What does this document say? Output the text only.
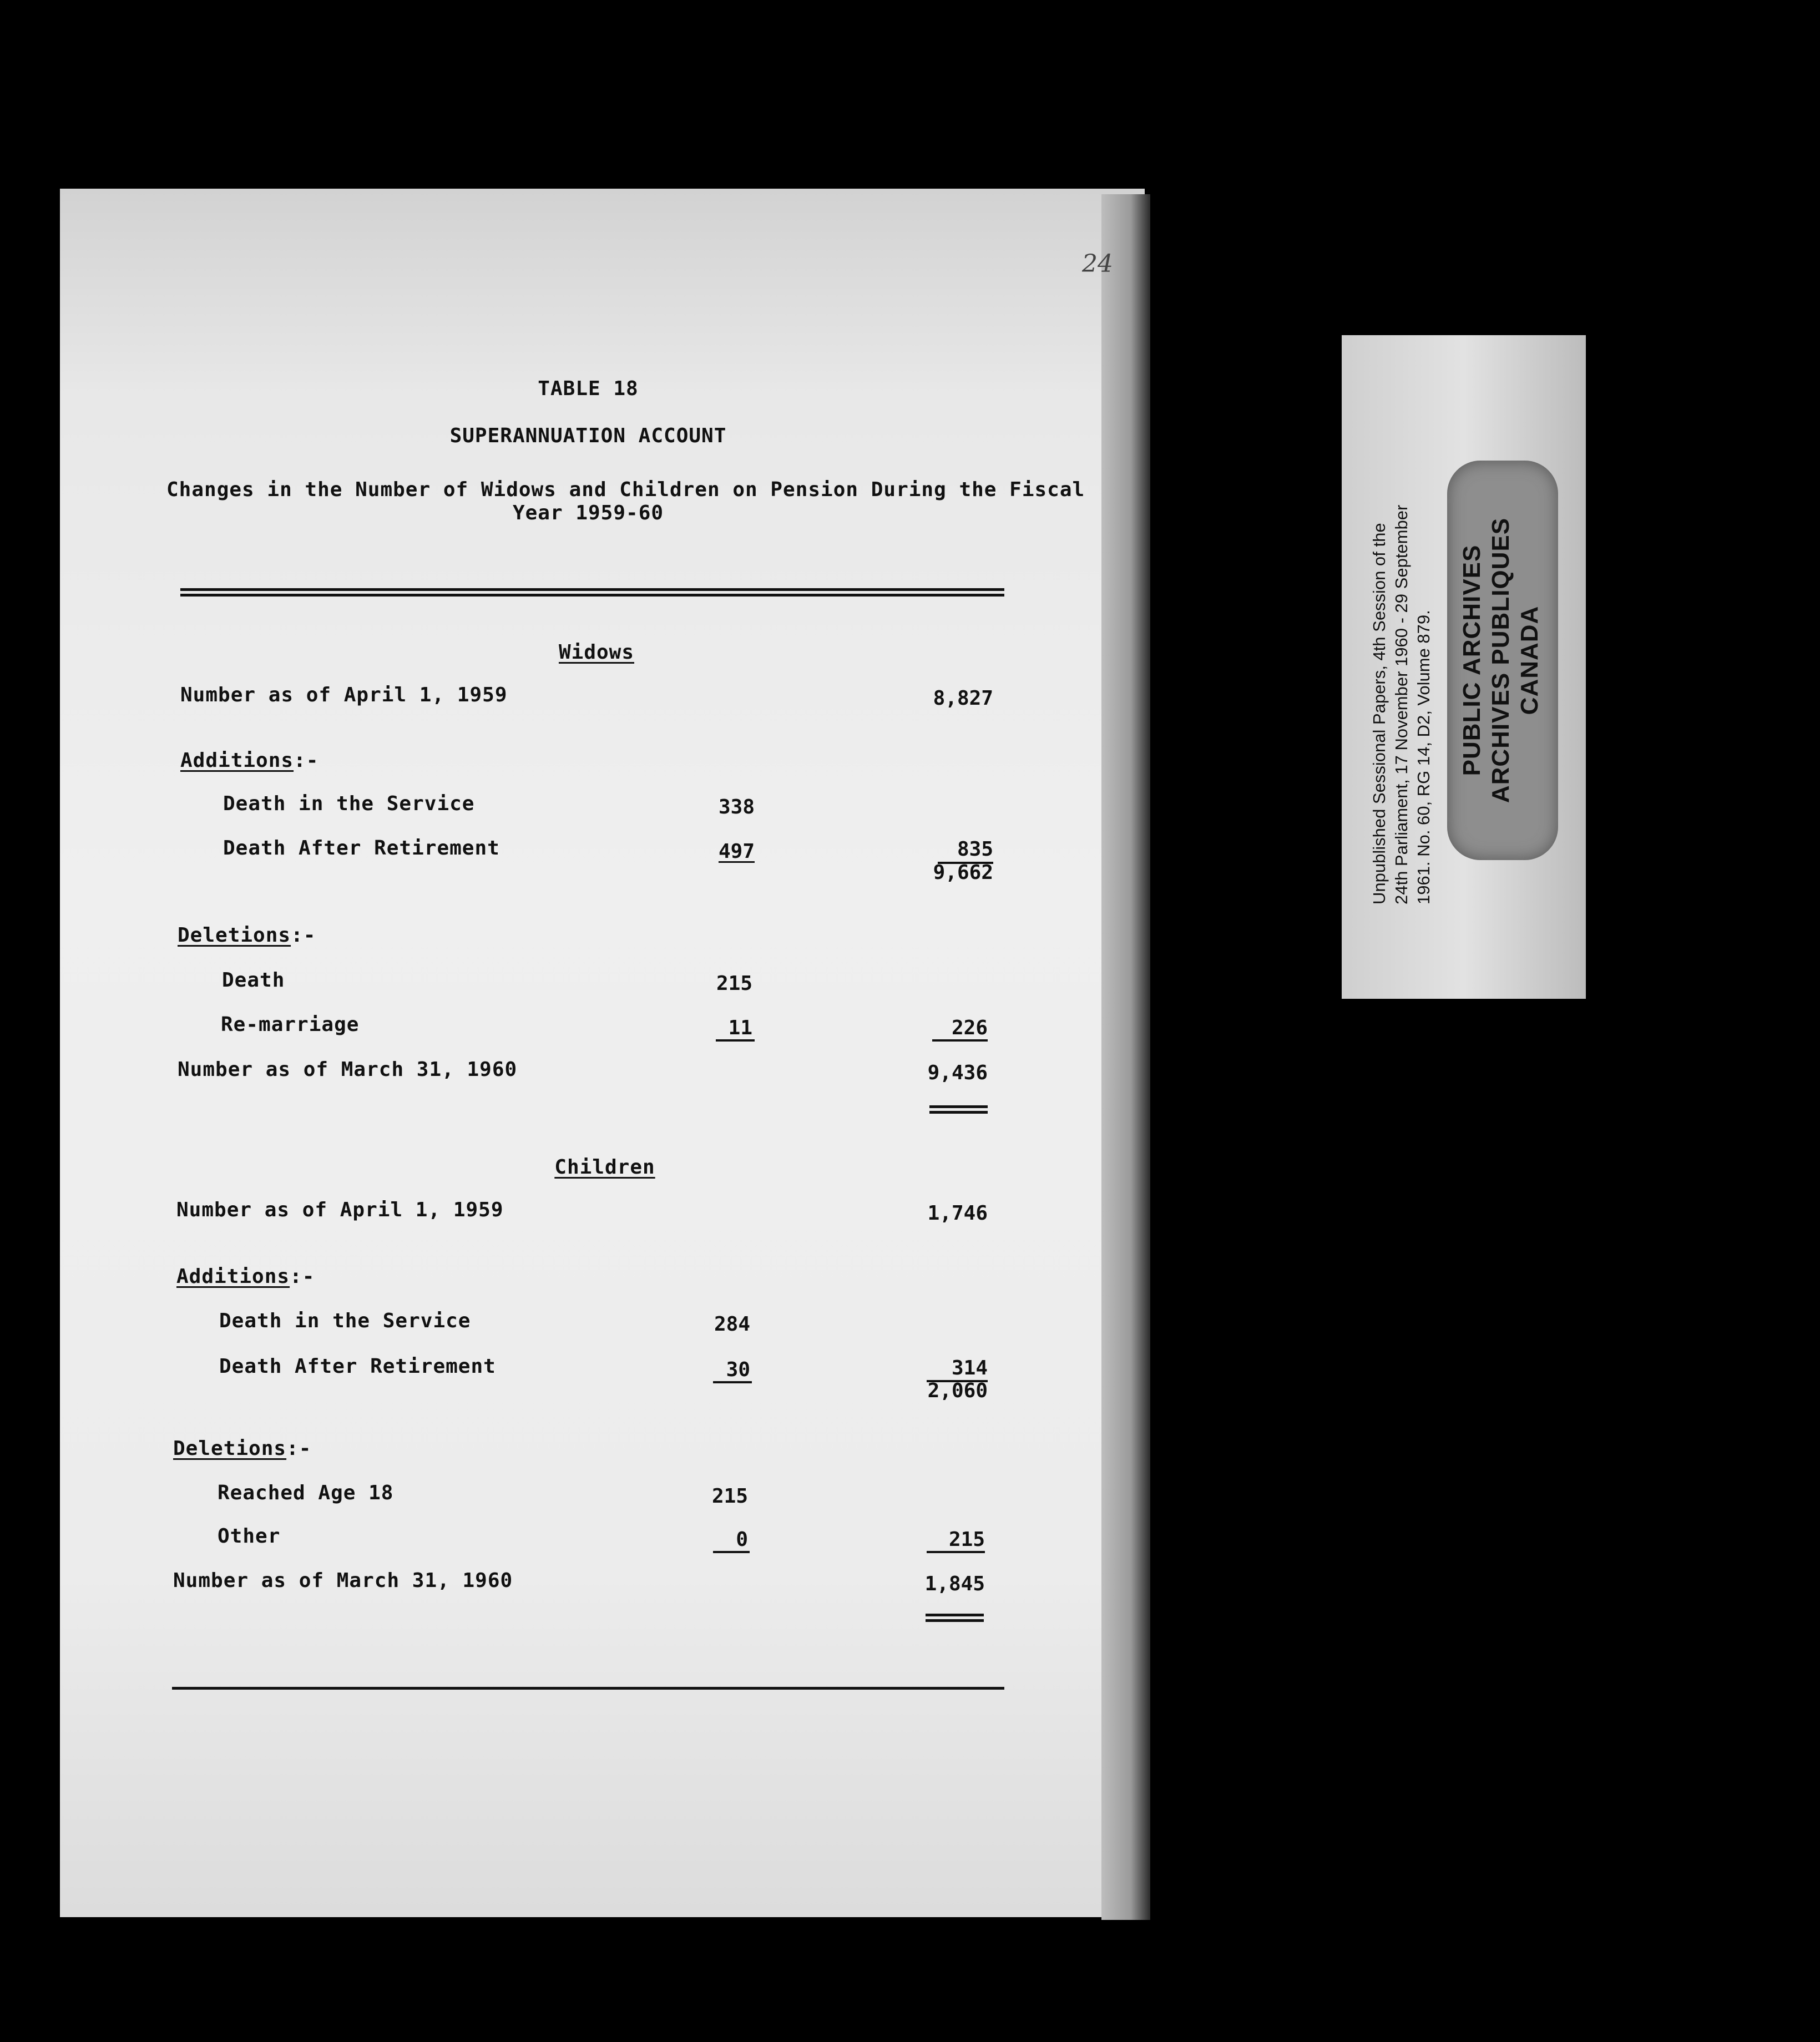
24
TABLE 18
SUPERANNUATION ACCOUNT
Changes in the Number of Widows and Children on Pension During the Fiscal
Year 1959-60
Widows
Number as of April 1, 1959	8,827
Additions:-
Death in the Service	338
Death After Retirement	497	835
9,662
Deletions:-
Death	215
Re-marriage	11	226
Number as of March 31, 1960	9,436
Children
Number as of April 1, 1959	1,746
Additions:-
Death in the Service	284
Death After Retirement	30	314
2,060
Deletions:-
Reached Age 18	215
Other	0	215
Number as of March 31, 1960	1,845
Unpublished Sessional Papers, 4th Session of the 24th Parliament, 17 November 1960 - 29 September 1961. No. 60, RG 14, D2, Volume 879. PUBLIC ARCHIVES ARCHIVES PUBLIQUES CANADA
